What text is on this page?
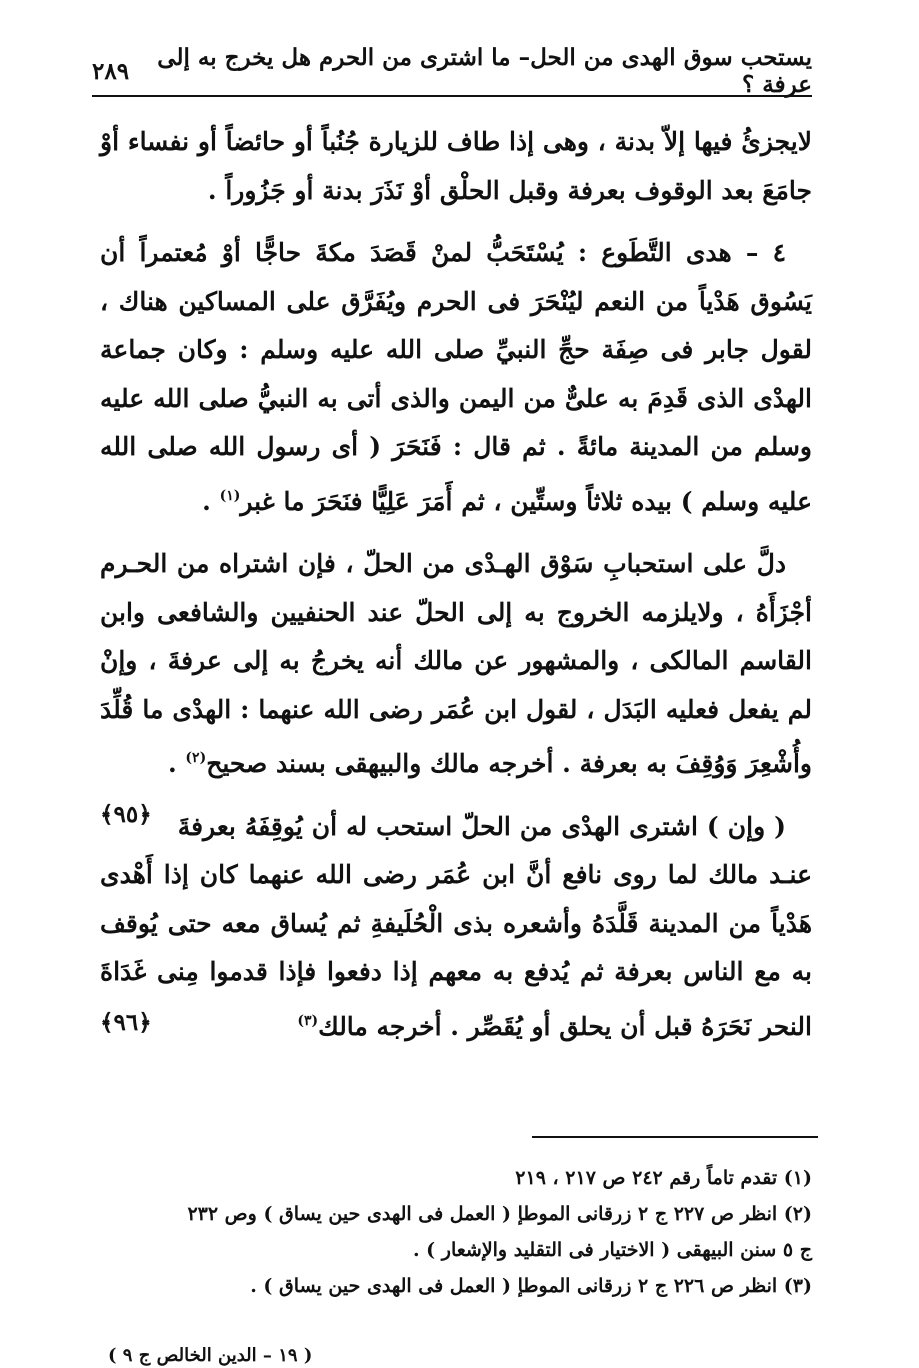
يستحب سوق الهدى من الحل– ما اشترى من الحرم هل يخرج به إلى عرفة ؟
٢٨٩

لايجزئُ فيها إلاّ بدنة ، وهى إذا طاف للزيارة جُنُباً أو حائضاً أو نفساء أوْ جامَعَ بعد الوقوف بعرفة وقبل الحلْق أوْ نَذَرَ بدنة أو جَزُوراً .

٤ – هدى التَّطَوع : يُسْتَحَبُّ لمنْ قَصَدَ مكةَ حاجًّا أوْ مُعتمراً أن يَسُوق هَدْياً من النعم ليُنْحَرَ فى الحرم ويُفَرَّق على المساكين هناك ، لقول جابر فى صِفَة حجِّ النبيِّ صلى الله عليه وسلم : وكان جماعة الهدْى الذى قَدِمَ به علىٌّ من اليمن والذى أتى به النبيُّ صلى الله عليه وسلم من المدينة مائةً . ثم قال : فَنَحَرَ ( أى رسول الله صلى الله عليه وسلم ) بيده ثلاثاً وستِّين ، ثم أَمَرَ عَلِيًّا فنَحَرَ ما غبر$^{(١)}$ .

دلَّ على استحبابِ سَوْق الهـدْى من الحلّ ، فإن اشتراه من الحـرم أجْزَأَهُ ، ولايلزمه الخروج به إلى الحلّ عند الحنفيين والشافعى وابن القاسم المالكى ، والمشهور عن مالك أنه يخرجُ به إلى عرفةَ ، وإنْ لم يفعل فعليه البَدَل ، لقول ابن عُمَر رضى الله عنهما : الهدْى ما قُلِّدَ وأُشْعِرَ وَوُقِفَ به بعرفة . أخرجه مالك والبيهقى بسند صحيح$^{(٢)}$ .
﴿٩٥﴾	( وإن ) اشترى الهدْى من الحلّ استحب له أن يُوقِفَهُ بعرفةَ عنـد مالك لما روى نافع أنَّ ابن عُمَر رضى الله عنهما كان إذا أَهْدى هَدْياً من المدينة قَلَّدَهُ وأشعره بذى الْحُلَيفةِ ثم يُساق معه حتى يُوقف به مع الناس بعرفة ثم يُدفع به معهم إذا دفعوا فإذا قدموا مِنى غَدَاةَ النحر نَحَرَهُ قبل أن يحلق أو يُقَصِّر . أخرجه مالك$^{(٣)}$
﴿٩٦﴾

(١) تقدم تاماً رقم ٢٤٢ ص ٢١٧ ، ٢١٩

(٢) انظر ص ٢٢٧ ج ٢ زرقانى الموطإ ( العمل فى الهدى حين يساق ) وص ٢٣٢

ج ٥ سنن البيهقى ( الاختيار فى التقليد والإشعار ) .

(٣) انظر ص ٢٢٦ ج ٢ زرقانى الموطإ ( العمل فى الهدى حين يساق ) .

( ١٩ – الدين الخالص ج ٩ )
